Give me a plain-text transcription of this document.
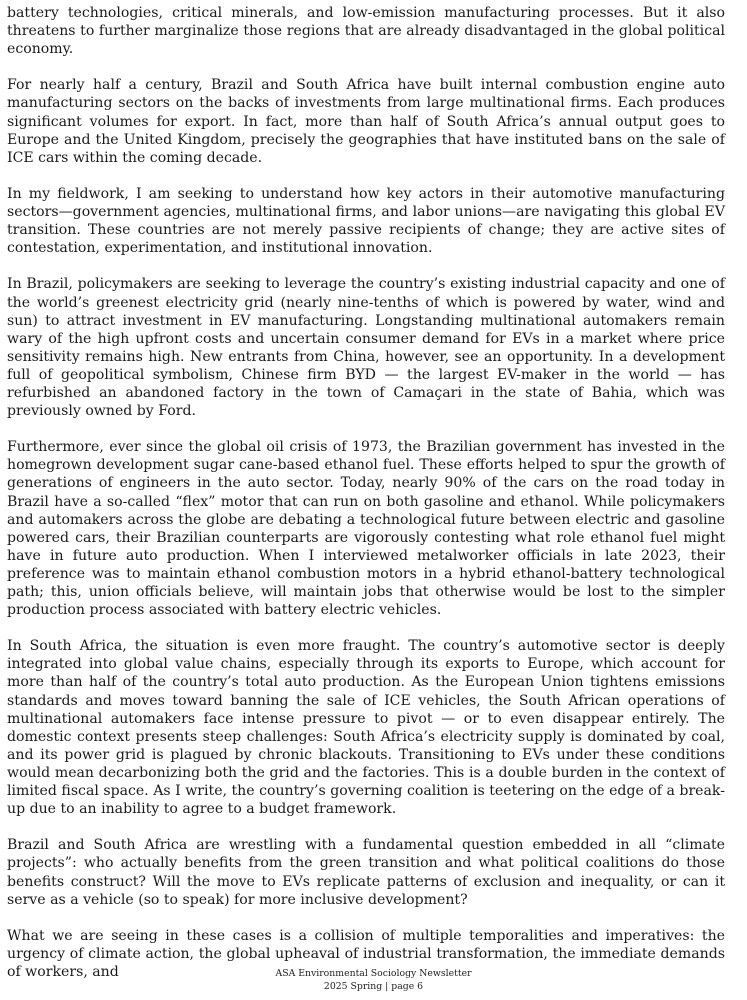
battery technologies, critical minerals, and low-emission manufacturing processes. But it also threatens to further marginalize those regions that are already disadvantaged in the global political economy.

For nearly half a century, Brazil and South Africa have built internal combustion engine auto manufacturing sectors on the backs of investments from large multinational firms. Each produces significant volumes for export. In fact, more than half of South Africa’s annual output goes to Europe and the United Kingdom, precisely the geographies that have instituted bans on the sale of ICE cars within the coming decade.

In my fieldwork, I am seeking to understand how key actors in their automotive manufacturing sectors—government agencies, multinational firms, and labor unions—are navigating this global EV transition. These countries are not merely passive recipients of change; they are active sites of contestation, experimentation, and institutional innovation.

In Brazil, policymakers are seeking to leverage the country’s existing industrial capacity and one of the world’s greenest electricity grid (nearly nine-tenths of which is powered by water, wind and sun) to attract investment in EV manufacturing. Longstanding multinational automakers remain wary of the high upfront costs and uncertain consumer demand for EVs in a market where price sensitivity remains high. New entrants from China, however, see an opportunity. In a development full of geopolitical symbolism, Chinese firm BYD — the largest EV-maker in the world — has refurbished an abandoned factory in the town of Camaçari in the state of Bahia, which was previously owned by Ford.

Furthermore, ever since the global oil crisis of 1973, the Brazilian government has invested in the homegrown development sugar cane-based ethanol fuel. These efforts helped to spur the growth of generations of engineers in the auto sector. Today, nearly 90% of the cars on the road today in Brazil have a so-called “flex” motor that can run on both gasoline and ethanol. While policymakers and automakers across the globe are debating a technological future between electric and gasoline powered cars, their Brazilian counterparts are vigorously contesting what role ethanol fuel might have in future auto production. When I interviewed metalworker officials in late 2023, their preference was to maintain ethanol combustion motors in a hybrid ethanol-battery technological path; this, union officials believe, will maintain jobs that otherwise would be lost to the simpler production process associated with battery electric vehicles.

In South Africa, the situation is even more fraught. The country’s automotive sector is deeply integrated into global value chains, especially through its exports to Europe, which account for more than half of the country’s total auto production. As the European Union tightens emissions standards and moves toward banning the sale of ICE vehicles, the South African operations of multinational automakers face intense pressure to pivot — or to even disappear entirely. The domestic context presents steep challenges: South Africa’s electricity supply is dominated by coal, and its power grid is plagued by chronic blackouts. Transitioning to EVs under these conditions would mean decarbonizing both the grid and the factories. This is a double burden in the context of limited fiscal space. As I write, the country’s governing coalition is teetering on the edge of a break-up due to an inability to agree to a budget framework.

Brazil and South Africa are wrestling with a fundamental question embedded in all “climate projects”: who actually benefits from the green transition and what political coalitions do those benefits construct? Will the move to EVs replicate patterns of exclusion and inequality, or can it serve as a vehicle (so to speak) for more inclusive development?

What we are seeing in these cases is a collision of multiple temporalities and imperatives: the urgency of climate action, the global upheaval of industrial transformation, the immediate demands of workers, and	ASA Environmental Sociology Newsletter
2025 Spring | page 6
